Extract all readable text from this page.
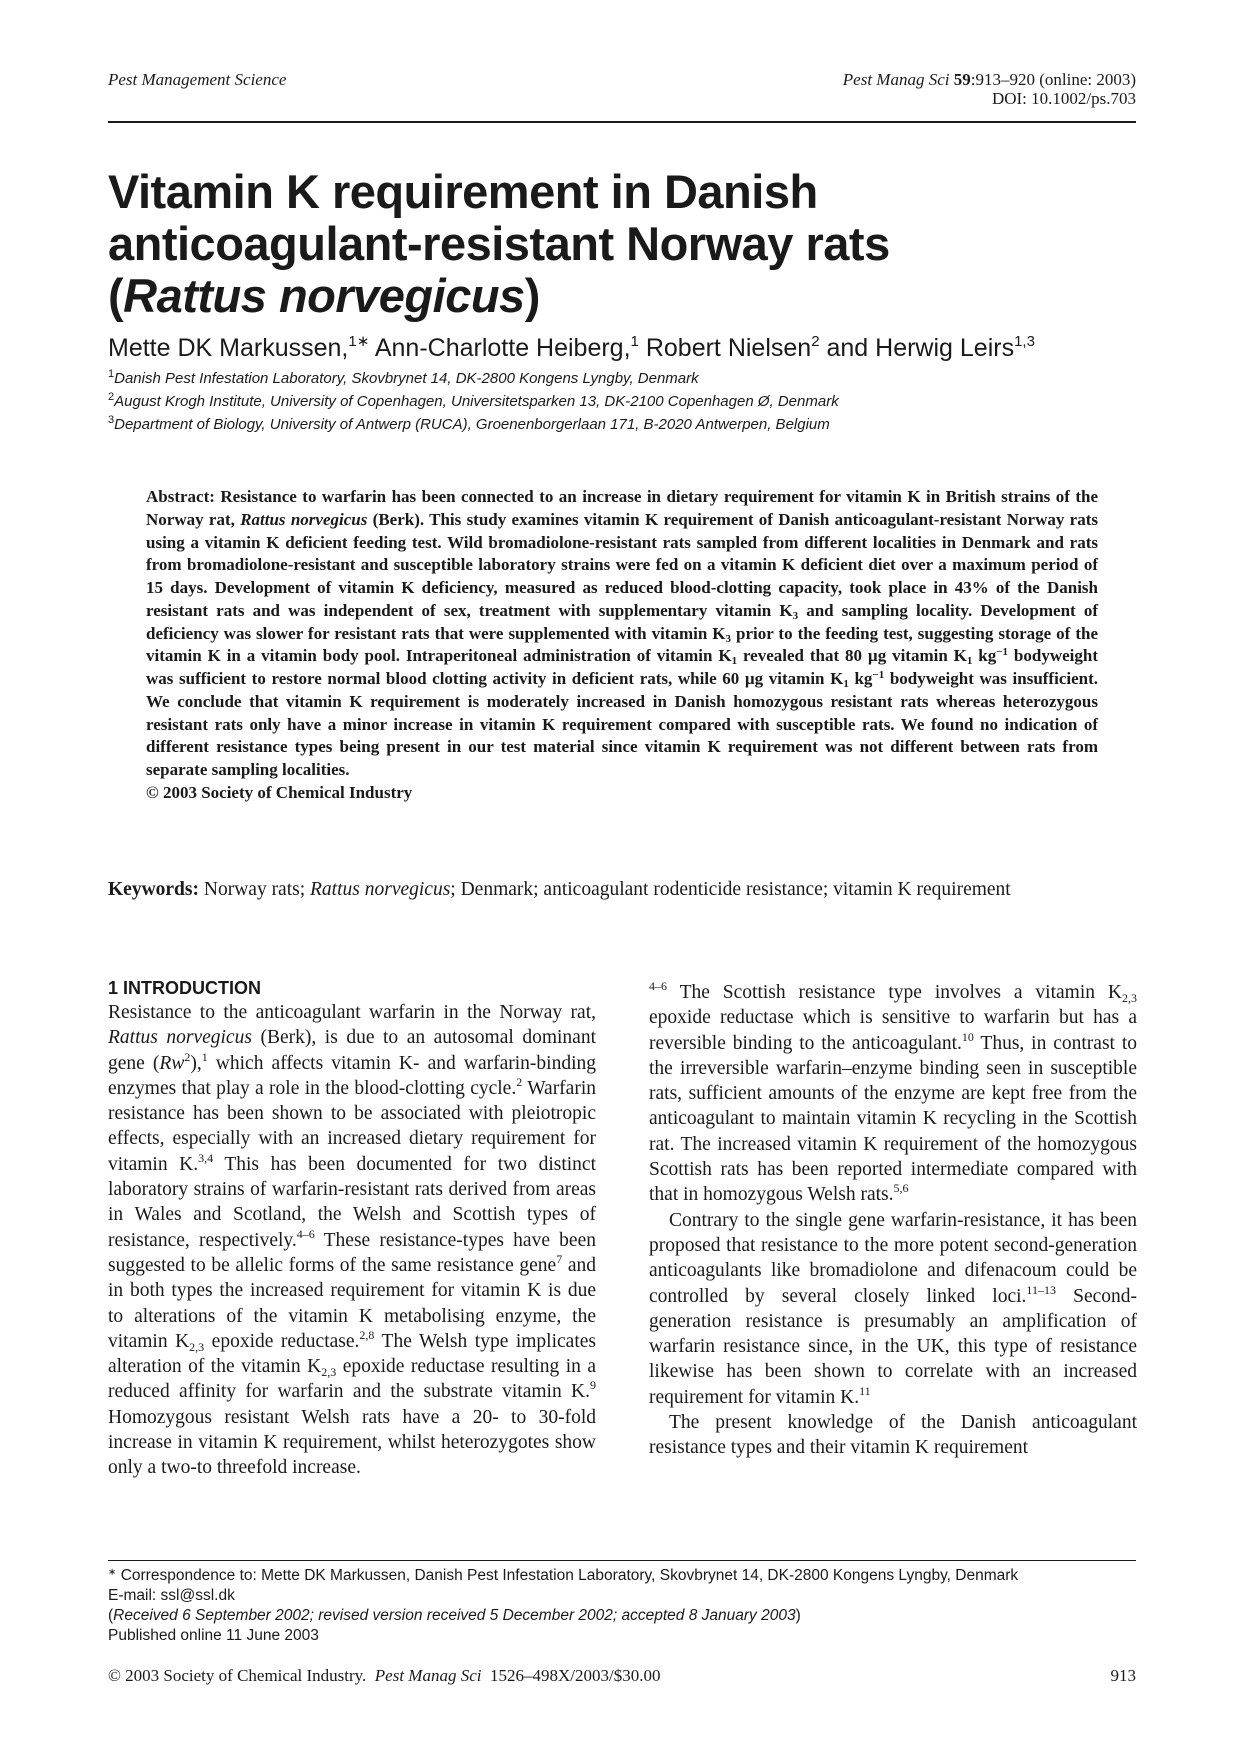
Pest Management Science	Pest Manag Sci 59:913–920 (online: 2003)
DOI: 10.1002/ps.703
Vitamin K requirement in Danish
anticoagulant-resistant Norway rats
(Rattus norvegicus)
Mette DK Markussen,$^{1∗}$ Ann-Charlotte Heiberg,$^1$ Robert Nielsen$^2$ and Herwig Leirs$^{1,3}$
$^1$Danish Pest Infestation Laboratory, Skovbrynet 14, DK-2800 Kongens Lyngby, Denmark
$^2$August Krogh Institute, University of Copenhagen, Universitetsparken 13, DK-2100 Copenhagen Ø, Denmark
$^3$Department of Biology, University of Antwerp (RUCA), Groenenborgerlaan 171, B-2020 Antwerpen, Belgium
Abstract: Resistance to warfarin has been connected to an increase in dietary requirement for vitamin K in British strains of the Norway rat, Rattus norvegicus (Berk). This study examines vitamin K requirement of Danish anticoagulant-resistant Norway rats using a vitamin K deficient feeding test. Wild bromadiolone-resistant rats sampled from different localities in Denmark and rats from bromadiolone-resistant and susceptible laboratory strains were fed on a vitamin K deficient diet over a maximum period of 15 days. Development of vitamin K deficiency, measured as reduced blood-clotting capacity, took place in 43% of the Danish resistant rats and was independent of sex, treatment with supplementary vitamin $K_3$ and sampling locality. Development of deficiency was slower for resistant rats that were supplemented with vitamin $K_3$ prior to the feeding test, suggesting storage of the vitamin K in a vitamin body pool. Intraperitoneal administration of vitamin $K_1$ revealed that 80 µg vitamin $K_1$ $kg^{-1}$ bodyweight was sufficient to restore normal blood clotting activity in deficient rats, while 60 µg vitamin $K_1$ $kg^{-1}$ bodyweight was insufficient. We conclude that vitamin K requirement is moderately increased in Danish homozygous resistant rats whereas heterozygous resistant rats only have a minor increase in vitamin K requirement compared with susceptible rats. We found no indication of different resistance types being present in our test material since vitamin K requirement was not different between rats from separate sampling localities.
© 2003 Society of Chemical Industry
Keywords: Norway rats; Rattus norvegicus; Denmark; anticoagulant rodenticide resistance; vitamin K requirement
1 INTRODUCTION

Resistance to the anticoagulant warfarin in the Norway rat, Rattus norvegicus (Berk), is due to an autosomal dominant gene (Rw$^2$),$^1$ which affects vitamin K- and warfarin-binding enzymes that play a role in the blood-clotting cycle.$^2$ Warfarin resistance has been shown to be associated with pleiotropic effects, especially with an increased dietary requirement for vitamin K.$^{3,4}$ This has been documented for two distinct laboratory strains of warfarin-resistant rats derived from areas in Wales and Scotland, the Welsh and Scottish types of resistance, respectively.$^{4-6}$ These resistance-types have been suggested to be allelic forms of the same resistance gene$^7$ and in both types the increased requirement for vitamin K is due to alterations of the vitamin K metabolising enzyme, the vitamin $K_{2,3}$ epoxide reductase.$^{2,8}$ The Welsh type implicates alteration of the vitamin $K_{2,3}$ epoxide reductase resulting in a reduced affinity for warfarin and the substrate vitamin K.$^9$ Homozygous resistant Welsh rats have a 20- to 30-fold increase in vitamin K requirement, whilst heterozygotes show only a two-to threefold increase.

$^{4-6}$ The Scottish resistance type involves a vitamin $K_{2,3}$ epoxide reductase which is sensitive to warfarin but has a reversible binding to the anticoagulant.$^{10}$ Thus, in contrast to the irreversible warfarin–enzyme binding seen in susceptible rats, sufficient amounts of the enzyme are kept free from the anticoagulant to maintain vitamin K recycling in the Scottish rat. The increased vitamin K requirement of the homozygous Scottish rats has been reported intermediate compared with that in homozygous Welsh rats.$^{5,6}$

Contrary to the single gene warfarin-resistance, it has been proposed that resistance to the more potent second-generation anticoagulants like bromadiolone and difenacoum could be controlled by several closely linked loci.$^{11-13}$ Second-generation resistance is presumably an amplification of warfarin resistance since, in the UK, this type of resistance likewise has been shown to correlate with an increased requirement for vitamin K.$^{11}$

The present knowledge of the Danish anticoagulant resistance types and their vitamin K requirement

∗ Correspondence to: Mette DK Markussen, Danish Pest Infestation Laboratory, Skovbrynet 14, DK-2800 Kongens Lyngby, Denmark

E-mail: ssl@ssl.dk

(Received 6 September 2002; revised version received 5 December 2002; accepted 8 January 2003)

Published online 11 June 2003

© 2003 Society of Chemical Industry. Pest Manag Sci 1526–498X/2003/$30.00	913
